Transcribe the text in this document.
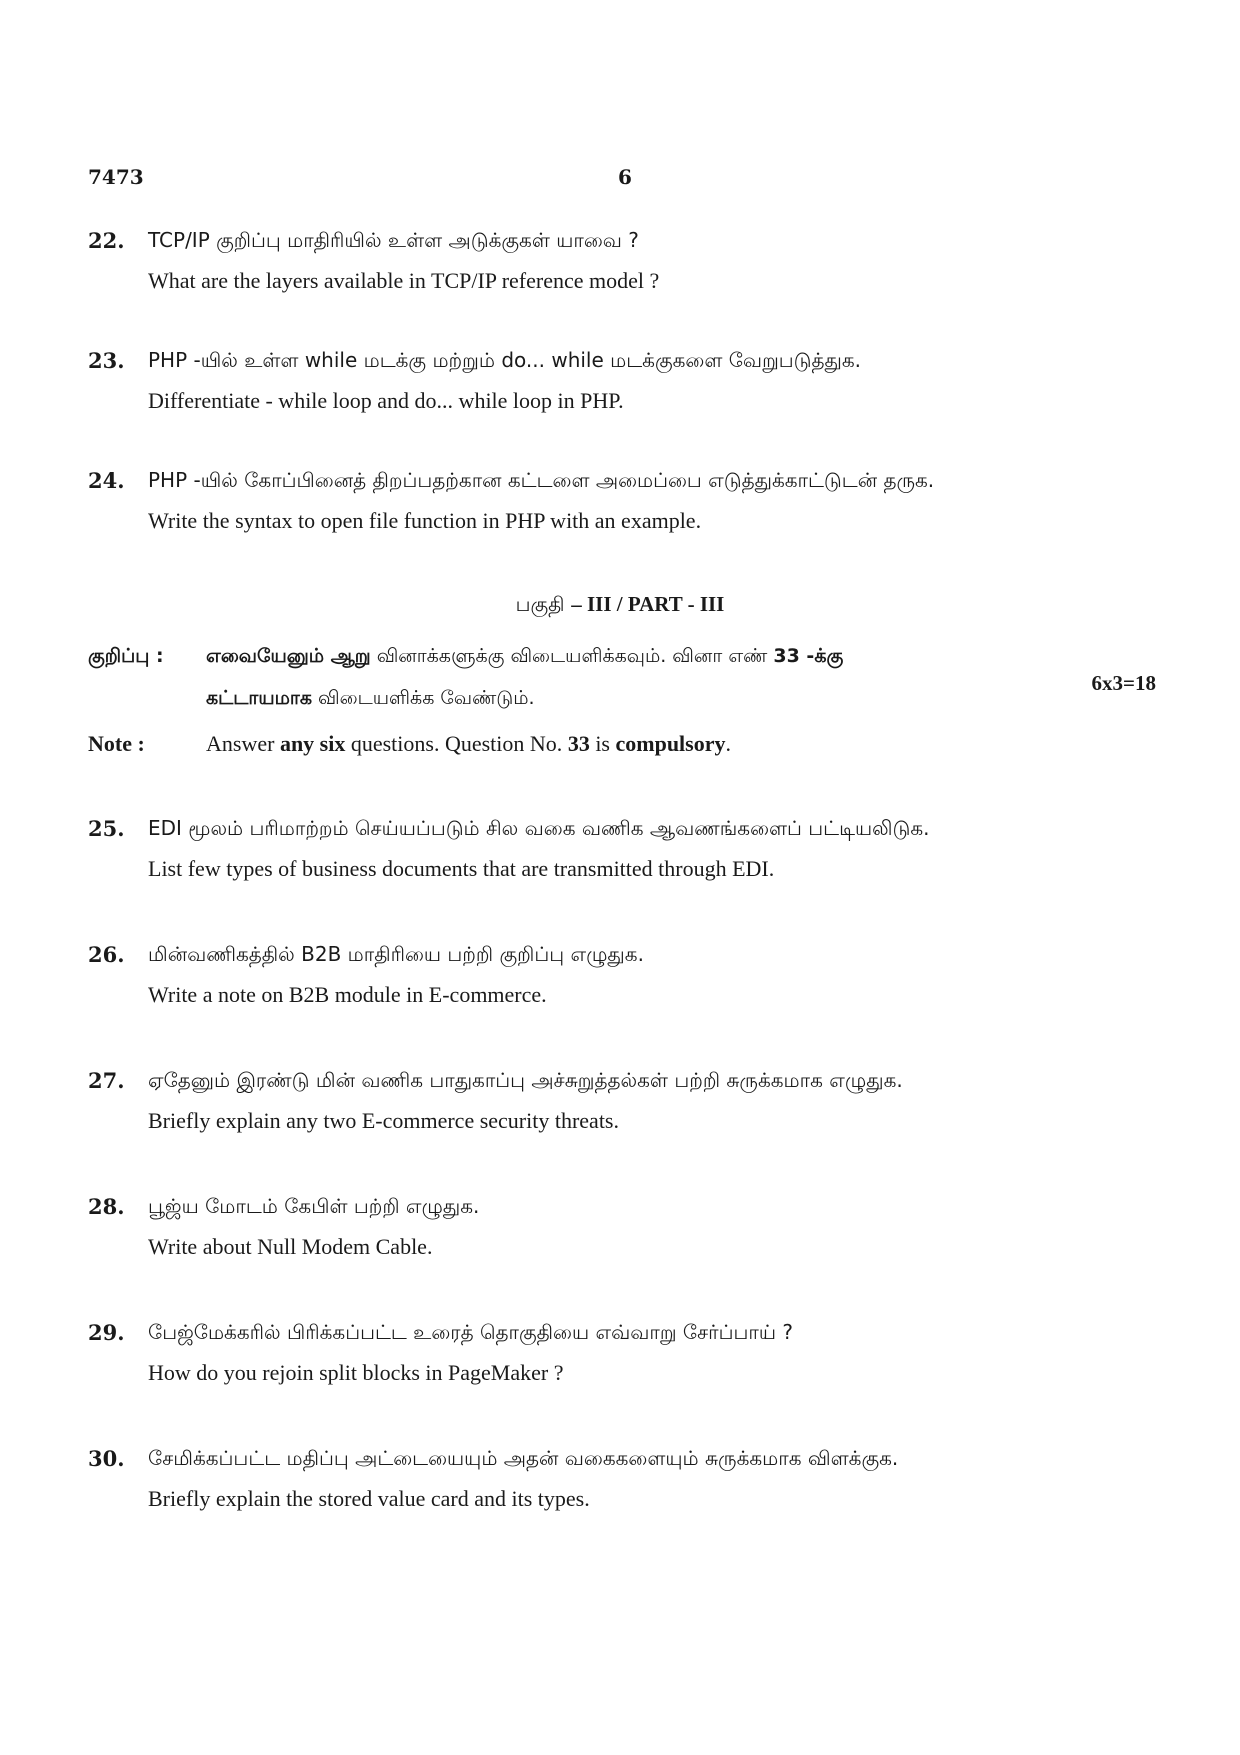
7473	6
22. TCP/IP குறிப்பு மாதிரியில் உள்ள அடுக்குகள் யாவை ?
What are the layers available in TCP/IP reference model ?
23. PHP -யில் உள்ள while மடக்கு மற்றும் do... while மடக்குகளை வேறுபடுத்துக.
Differentiate - while loop and do... while loop in PHP.
24. PHP -யில் கோப்பினைத் திறப்பதற்கான கட்டளை அமைப்பை எடுத்துக்காட்டுடன் தருக.
Write the syntax to open file function in PHP with an example.
பகுதி – III / PART - III
குறிப்பு : எவையேனும் ஆறு வினாக்களுக்கு விடையளிக்கவும். வினா எண் 33 -க்கு
கட்டாயமாக விடையளிக்க வேண்டும்.
6x3=18
Note :	Answer any six questions. Question No. 33 is compulsory.
25. EDI மூலம் பரிமாற்றம் செய்யப்படும் சில வகை வணிக ஆவணங்களைப் பட்டியலிடுக.
List few types of business documents that are transmitted through EDI.
26. மின்வணிகத்தில் B2B மாதிரியை பற்றி குறிப்பு எழுதுக.
Write a note on B2B module in E-commerce.
27. ஏதேனும் இரண்டு மின் வணிக பாதுகாப்பு அச்சுறுத்தல்கள் பற்றி சுருக்கமாக எழுதுக.
Briefly explain any two E-commerce security threats.
28. பூஜ்ய மோடம் கேபிள் பற்றி எழுதுக.
Write about Null Modem Cable.
29. பேஜ்மேக்கரில் பிரிக்கப்பட்ட உரைத் தொகுதியை எவ்வாறு சேர்ப்பாய் ?
How do you rejoin split blocks in PageMaker ?
30. சேமிக்கப்பட்ட மதிப்பு அட்டையையும் அதன் வகைகளையும் சுருக்கமாக விளக்குக.
Briefly explain the stored value card and its types.
